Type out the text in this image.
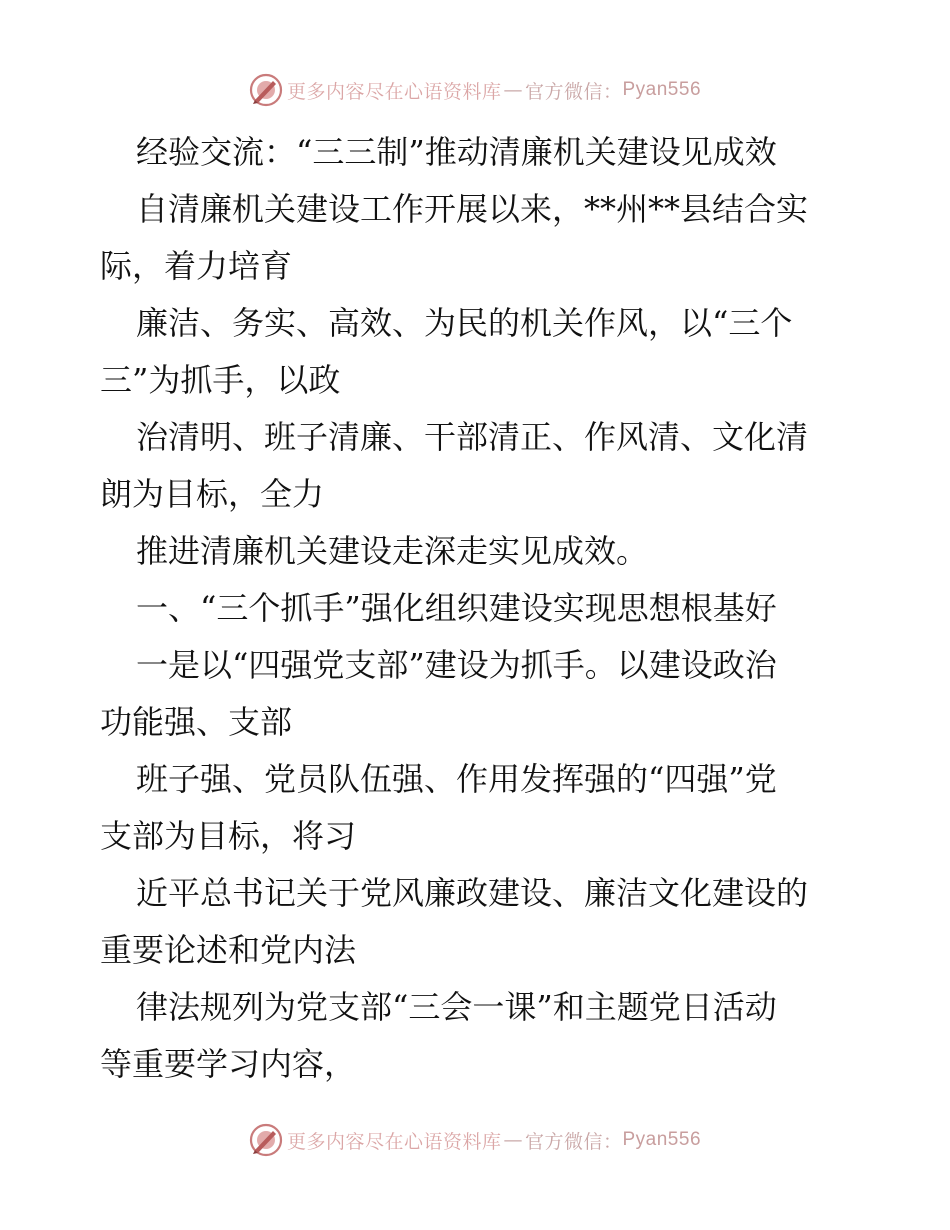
更多内容尽在心语资料库 — 官方微信： Pyan556
经验交流：“三三制”推动清廉机关建设见成效
自清廉机关建设工作开展以来，**州**县结合实
际，着力培育
廉洁、务实、高效、为民的机关作风，以“三个
三”为抓手，以政
治清明、班子清廉、干部清正、作风清、文化清
朗为目标，全力
推进清廉机关建设走深走实见成效。
一、“三个抓手”强化组织建设实现思想根基好
一是以“四强党支部”建设为抓手。以建设政治
功能强、支部
班子强、党员队伍强、作用发挥强的“四强”党
支部为目标，将习
近平总书记关于党风廉政建设、廉洁文化建设的
重要论述和党内法
律法规列为党支部“三会一课”和主题党日活动
等重要学习内容，
更多内容尽在心语资料库 — 官方微信： Pyan556
